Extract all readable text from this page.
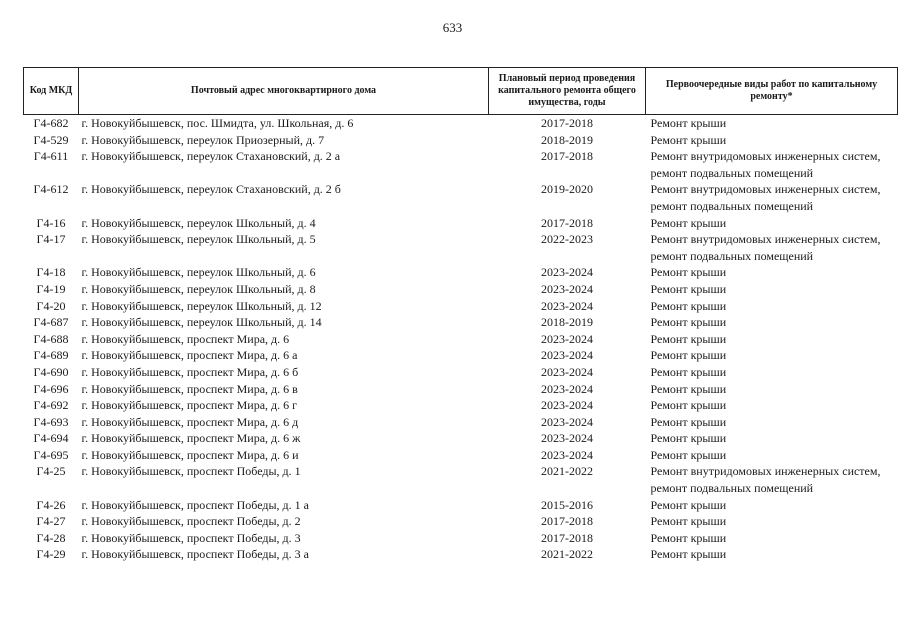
633
Код МКД	Почтовый адрес многоквартирного дома	Плановый период проведения капитального ремонта общего имущества, годы	Первоочередные виды работ по капитальному ремонту*
Г4-682	г. Новокуйбышевск, пос. Шмидта, ул. Школьная, д. 6	2017-2018	Ремонт крыши
Г4-529	г. Новокуйбышевск, переулок Приозерный, д. 7	2018-2019	Ремонт крыши
Г4-611	г. Новокуйбышевск, переулок Стахановский, д. 2 а	2017-2018	Ремонт внутридомовых инженерных систем, ремонт подвальных помещений
Г4-612	г. Новокуйбышевск, переулок Стахановский, д. 2 б	2019-2020	Ремонт внутридомовых инженерных систем, ремонт подвальных помещений
Г4-16	г. Новокуйбышевск, переулок Школьный, д. 4	2017-2018	Ремонт крыши
Г4-17	г. Новокуйбышевск, переулок Школьный, д. 5	2022-2023	Ремонт внутридомовых инженерных систем, ремонт подвальных помещений
Г4-18	г. Новокуйбышевск, переулок Школьный, д. 6	2023-2024	Ремонт крыши
Г4-19	г. Новокуйбышевск, переулок Школьный, д. 8	2023-2024	Ремонт крыши
Г4-20	г. Новокуйбышевск, переулок Школьный, д. 12	2023-2024	Ремонт крыши
Г4-687	г. Новокуйбышевск, переулок Школьный, д. 14	2018-2019	Ремонт крыши
Г4-688	г. Новокуйбышевск, проспект Мира, д. 6	2023-2024	Ремонт крыши
Г4-689	г. Новокуйбышевск, проспект Мира, д. 6 а	2023-2024	Ремонт крыши
Г4-690	г. Новокуйбышевск, проспект Мира, д. 6 б	2023-2024	Ремонт крыши
Г4-696	г. Новокуйбышевск, проспект Мира, д. 6 в	2023-2024	Ремонт крыши
Г4-692	г. Новокуйбышевск, проспект Мира, д. 6 г	2023-2024	Ремонт крыши
Г4-693	г. Новокуйбышевск, проспект Мира, д. 6 д	2023-2024	Ремонт крыши
Г4-694	г. Новокуйбышевск, проспект Мира, д. 6 ж	2023-2024	Ремонт крыши
Г4-695	г. Новокуйбышевск, проспект Мира, д. 6 и	2023-2024	Ремонт крыши
Г4-25	г. Новокуйбышевск, проспект Победы, д. 1	2021-2022	Ремонт внутридомовых инженерных систем, ремонт подвальных помещений
Г4-26	г. Новокуйбышевск, проспект Победы, д. 1 а	2015-2016	Ремонт крыши
Г4-27	г. Новокуйбышевск, проспект Победы, д. 2	2017-2018	Ремонт крыши
Г4-28	г. Новокуйбышевск, проспект Победы, д. 3	2017-2018	Ремонт крыши
Г4-29	г. Новокуйбышевск, проспект Победы, д. 3 а	2021-2022	Ремонт крыши
